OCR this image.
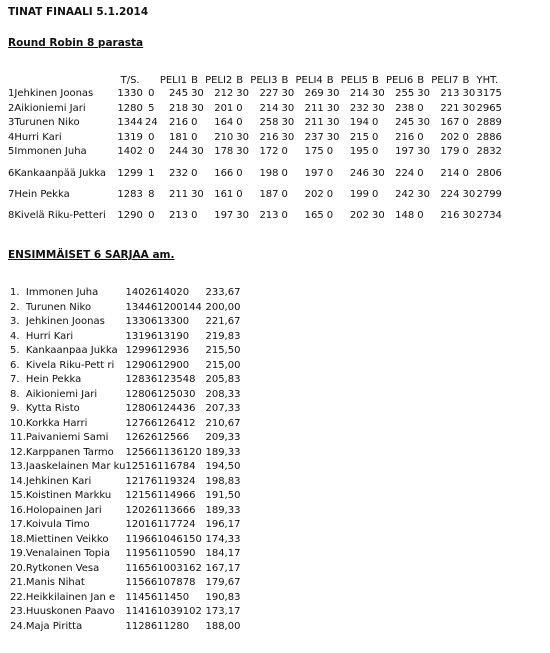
TINAT FINAALI 5.1.2014
Round Robin 8 parasta
		T/S.		PELI1	B	PELI2	B	PELI3	B	PELI4	B	PELI5	B	PELI6	B	PELI7	B	YHT.
1	Jehkinen Joonas	1330	0	245	30	212	30	227	30	269	30	214	30	255	30	213	30	3175
2	Aikioniemi Jari	1280	5	218	30	201	0	214	30	211	30	232	30	238	0	221	30	2965
3	Turunen Niko	1344	24	216	0	164	0	258	30	211	30	194	0	245	30	167	0	2889
4	Hurri Kari	1319	0	181	0	210	30	216	30	237	30	215	0	216	0	202	0	2886
5	Immonen Juha	1402	0	244	30	178	30	172	0	175	0	195	0	197	30	179	0	2832
6	Kankaanpää Jukka	1299	1	232	0	166	0	198	0	197	0	246	30	224	0	214	0	2806
7	Hein Pekka	1283	8	211	30	161	0	187	0	202	0	199	0	242	30	224	30	2799
8	Kivelä Riku-Petteri	1290	0	213	0	197	30	213	0	165	0	202	30	148	0	216	30	2734
ENSIMMÄISET 6 SARJAA am.
1.	Immonen Juha	1402614020	233,67
2.	Turunen Niko	134461200144	200,00
3.	Jehkinen Joonas	1330613300	221,67
4.	Hurri Kari	1319613190	219,83
5.	Kankaanpaa Jukka	1299612936	215,50
6.	Kivela Riku-Pett ri	1290612900	215,00
7.	Hein Pekka	12836123548	205,83
8.	Aikioniemi Jari	12806125030	208,33
9.	Kytta Risto	12806124436	207,33
10.	Korkka Harri	12766126412	210,67
11.	Paivaniemi Sami	1262612566	209,33
12.	Karppanen Tarmo	125661136120	189,33
13.	Jaaskelainen Mar ku	12516116784	194,50
14.	Jehkinen Kari	12176119324	198,83
15.	Koistinen Markku	12156114966	191,50
16.	Holopainen Jari	12026113666	189,33
17.	Koivula Timo	12016117724	196,17
18.	Miettinen Veikko	119661046150	174,33
19.	Venalainen Topia	11956110590	184,17
20.	Rytkonen Vesa	116561003162	167,17
21.	Manis Nihat	11566107878	179,67
22.	Heikkilainen Jan e	1145611450	190,83
23.	Huuskonen Paavo	114161039102	173,17
24.	Maja Piritta	1128611280	188,00
